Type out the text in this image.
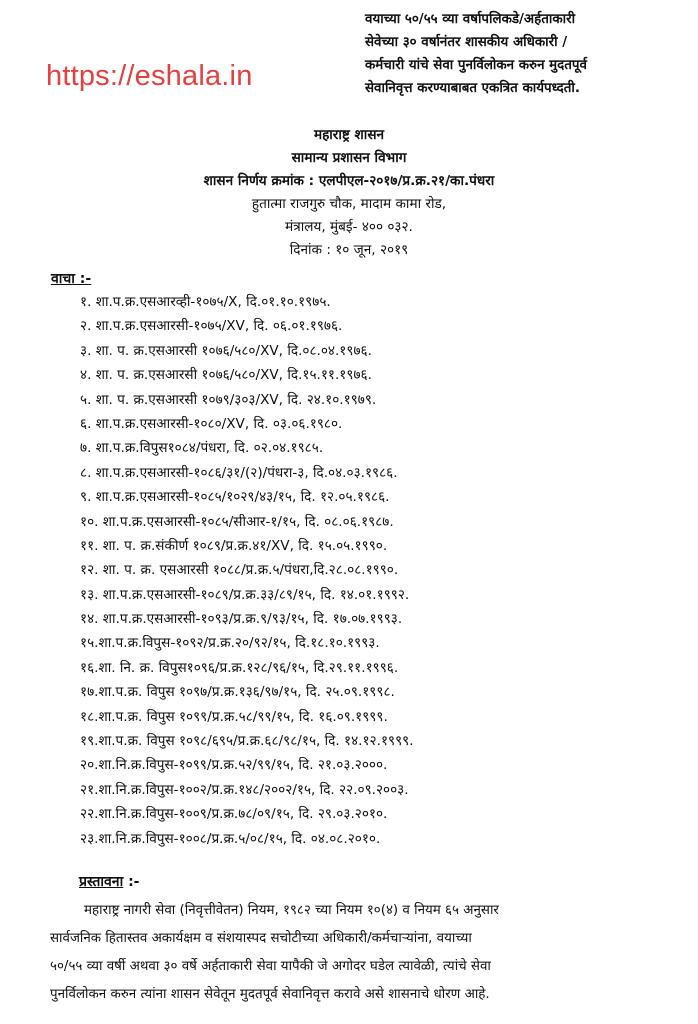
https://eshala.in
वयाच्या ५०/५५ व्या वर्षापलिकडे/अर्हताकारी
सेवेच्या ३० वर्षानंतर शासकीय अधिकारी /
कर्मचारी यांचे सेवा पुनर्विलोकन करुन मुदतपूर्व
सेवानिवृत्त करण्याबाबत एकत्रित कार्यपध्दती.
महाराष्ट्र शासन
सामान्य प्रशासन विभाग
शासन निर्णय क्रमांक : एलपीएल-२०१७/प्र.क्र.२१/का.पंधरा
हुतात्मा राजगुरु चौक, मादाम कामा रोड,
मंत्रालय, मुंबई- ४०० ०३२.
दिनांक : १० जून, २०१९
वाचा :-
१. शा.प.क्र.एसआरव्ही-१०७५/X, दि.०१.१०.१९७५.
२. शा.प.क्र.एसआरसी-१०७५/XV, दि. ०६.०१.१९७६.
३. शा. प. क्र.एसआरसी १०७६/५८०/XV, दि.०८.०४.१९७६.
४. शा. प. क्र.एसआरसी १०७६/५८०/XV, दि.१५.११.१९७६.
५. शा. प. क्र.एसआरसी १०७९/३०३/XV, दि. २४.१०.१९७९.
६. शा.प.क्र.एसआरसी-१०८०/XV, दि. ०३.०६.१९८०.
७. शा.प.क्र.विपुस१०८४/पंधरा, दि. ०२.०४.१९८५.
८. शा.प.क्र.एसआरसी-१०८६/३१/(२)/पंधरा-३, दि.०४.०३.१९८६.
९. शा.प.क्र.एसआरसी-१०८५/१०२९/४३/१५, दि. १२.०५.१९८६.
१०. शा.प.क्र.एसआरसी-१०८५/सीआर-१/१५, दि. ०८.०६.१९८७.
११. शा. प. क्र.संकीर्ण १०८९/प्र.क्र.४१/XV, दि. १५.०५.१९९०.
१२. शा. प. क्र. एसआरसी १०८८/प्र.क्र.५/पंधरा,दि.२८.०८.१९९०.
१३. शा.प.क्र.एसआरसी-१०८९/प्र.क्र.३३/८९/१५, दि. १४.०१.१९९२.
१४. शा.प.क्र.एसआरसी-१०९३/प्र.क्र.९/९३/१५, दि. १७.०७.१९९३.
१५.शा.प.क्र.विपुस-१०९२/प्र.क्र.२०/९२/१५, दि.१८.१०.१९९३.
१६.शा. नि. क्र. विपुस१०९६/प्र.क्र.१२८/९६/१५, दि.२९.११.१९९६.
१७.शा.प.क्र. विपुस १०९७/प्र.क्र.१३६/९७/१५, दि. २५.०९.१९९८.
१८.शा.प.क्र. विपुस १०९९/प्र.क्र.५८/९९/१५, दि. १६.०९.१९९९.
१९.शा.प.क्र. विपुस १०९८/६९५/प्र.क्र.६८/९८/१५, दि. १४.१२.१९९९.
२०.शा.नि.क्र.विपुस-१०९९/प्र.क्र.५२/९९/१५, दि. २१.०३.२०००.
२१.शा.नि.क्र.विपुस-१००२/प्र.क्र.१४८/२००२/१५, दि. २२.०९.२००३.
२२.शा.नि.क्र.विपुस-१००९/प्र.क्र.७८/०९/१५, दि. २९.०३.२०१०.
२३.शा.नि.क्र.विपुस-१००८/प्र.क्र.५/०८/१५, दि. ०४.०८.२०१०.
प्रस्तावना :-
महाराष्ट्र नागरी सेवा (निवृत्तीवेतन) नियम, १९८२ च्या नियम १०(४) व नियम ६५ अनुसार
सार्वजनिक हितास्तव अकार्यक्षम व संशयास्पद सचोटीच्या अधिकारी/कर्मचाऱ्यांना, वयाच्या
५०/५५ व्या वर्षी अथवा ३० वर्षे अर्हताकारी सेवा यापैकी जे अगोदर घडेल त्यावेळी, त्यांचे सेवा
पुनर्विलोकन करुन त्यांना शासन सेवेतून मुदतपूर्व सेवानिवृत्त करावे असे शासनाचे धोरण आहे.
